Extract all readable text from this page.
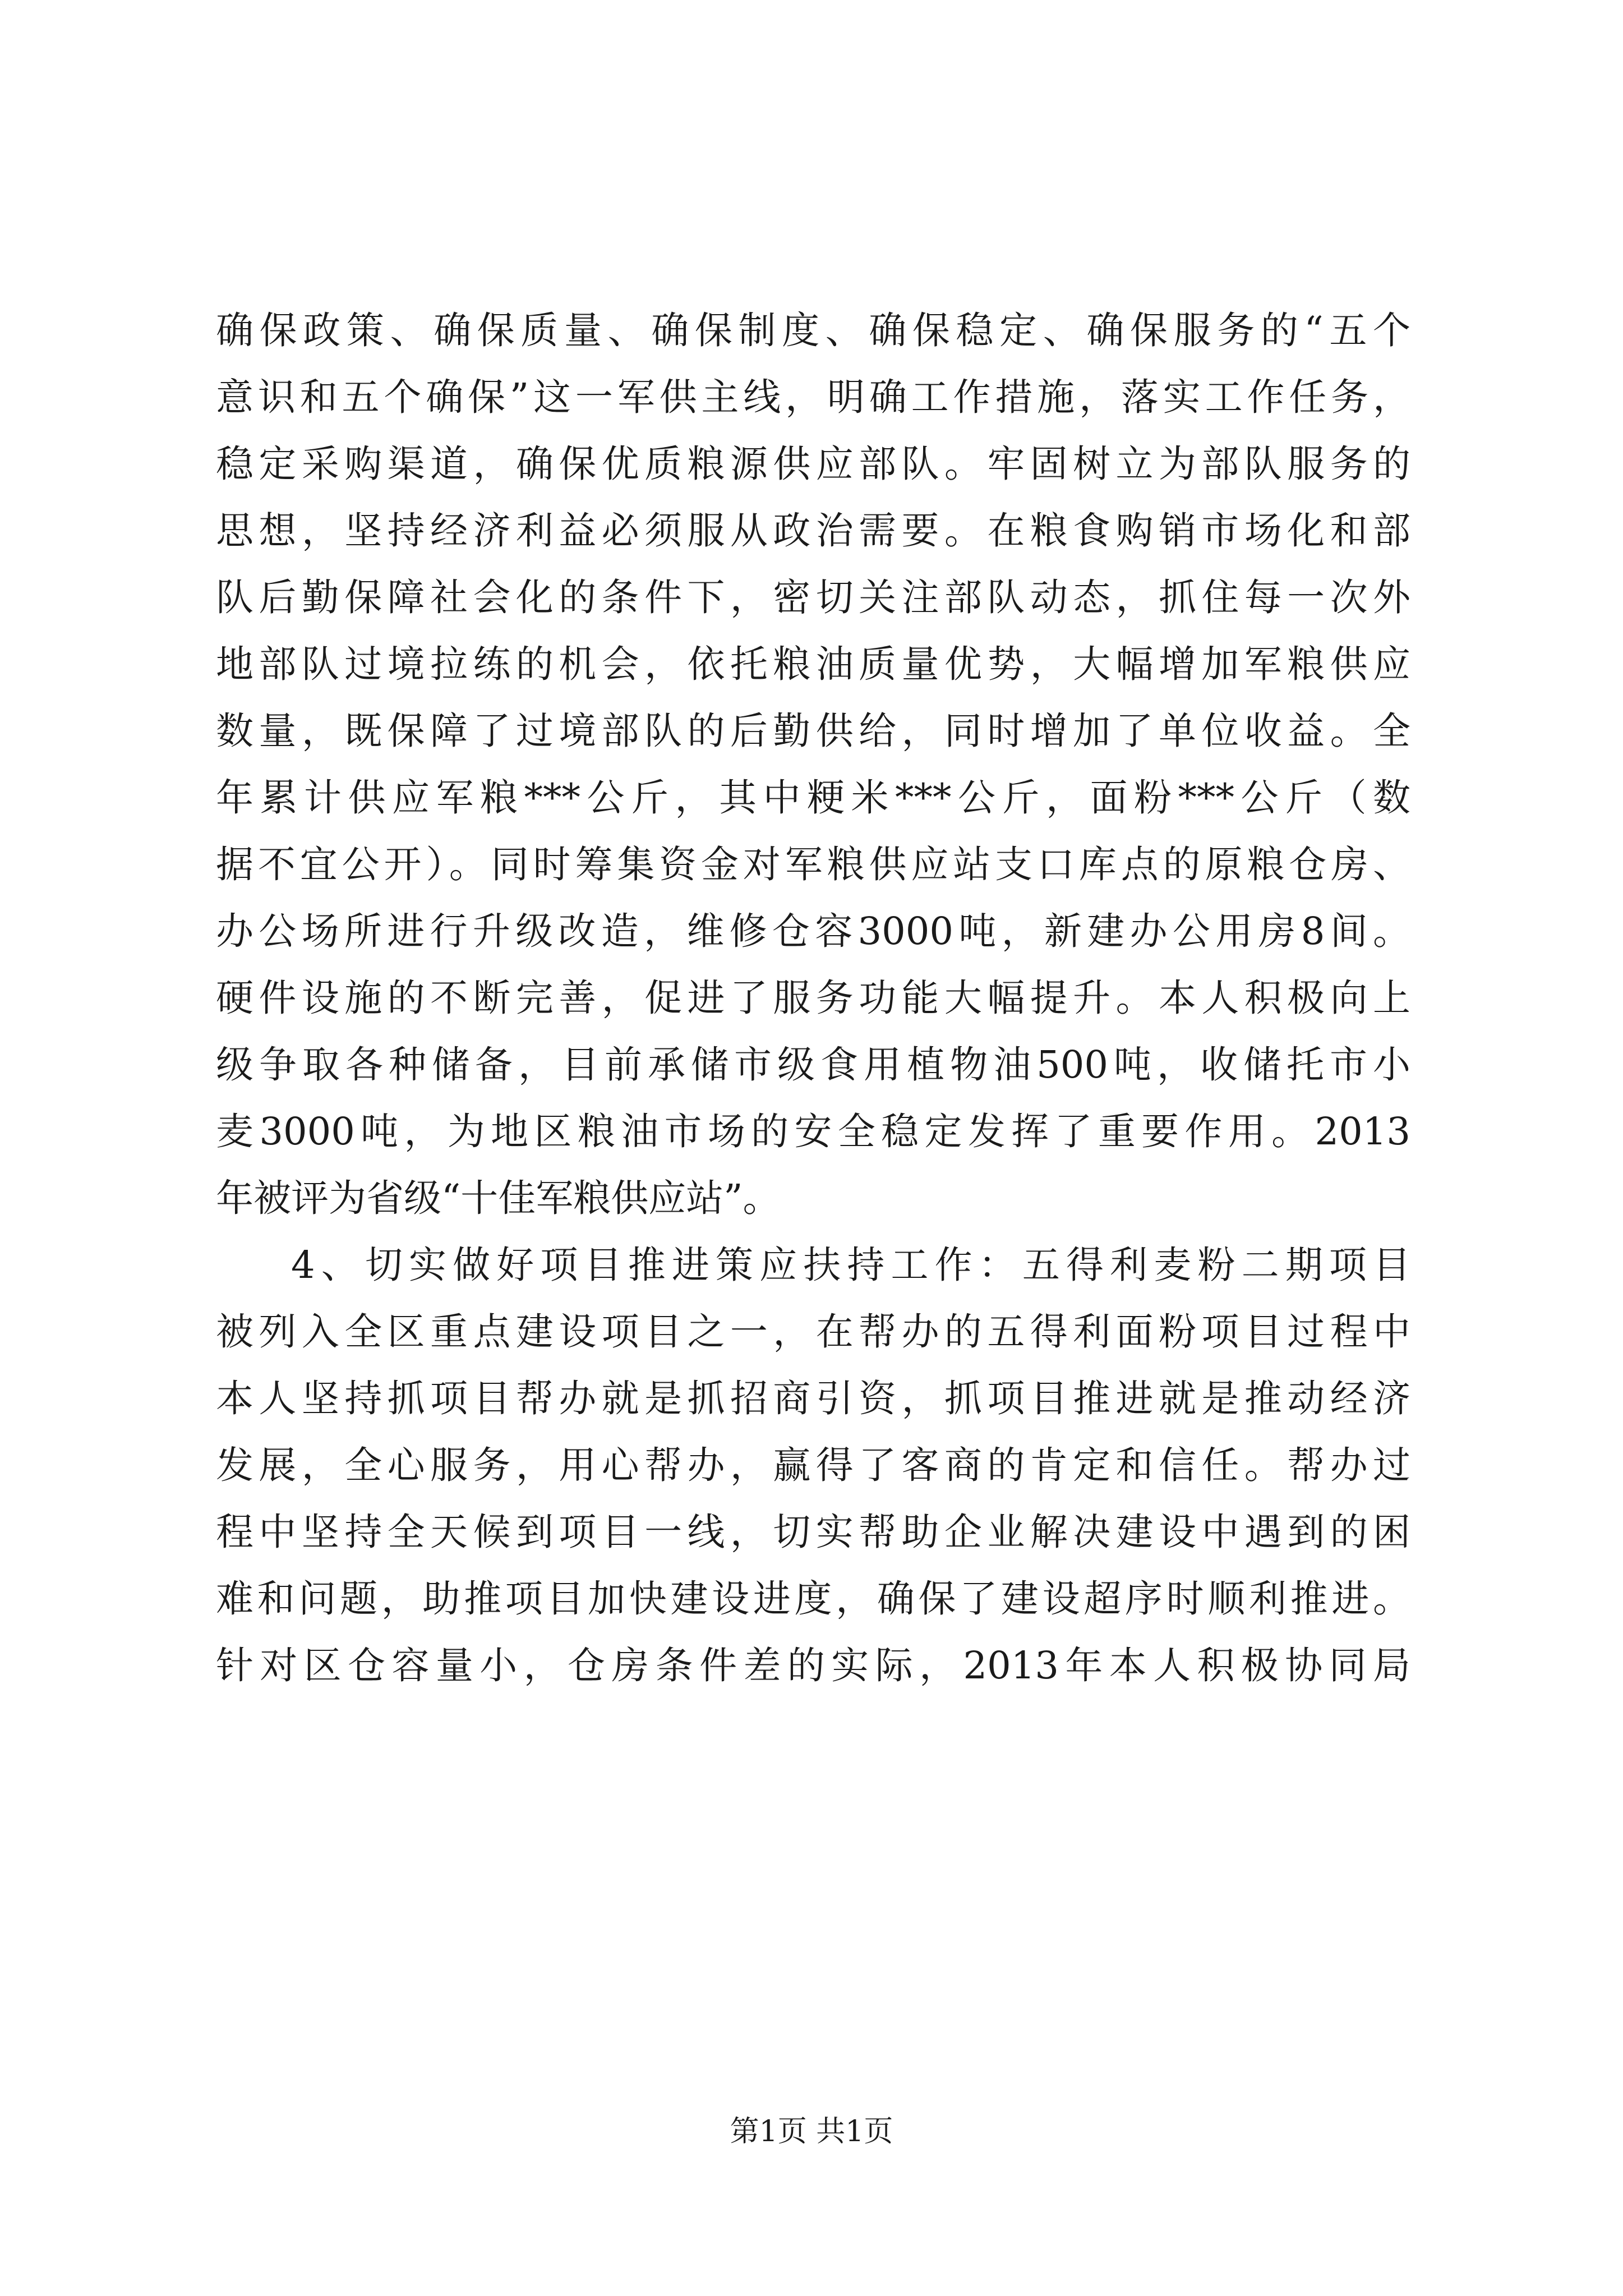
确保政策、确保质量、确保制度、确保稳定、确保服务的“五个
意识和五个确保”这一军供主线，明确工作措施，落实工作任务，
稳定采购渠道，确保优质粮源供应部队。牢固树立为部队服务的
思想，坚持经济利益必须服从政治需要。在粮食购销市场化和部
队后勤保障社会化的条件下，密切关注部队动态，抓住每一次外
地部队过境拉练的机会，依托粮油质量优势，大幅增加军粮供应
数量，既保障了过境部队的后勤供给，同时增加了单位收益。全
年累计供应军粮***公斤，其中粳米***公斤，面粉***公斤（数
据不宜公开）。同时筹集资金对军粮供应站支口库点的原粮仓房、
办公场所进行升级改造，维修仓容3000吨，新建办公用房8间。
硬件设施的不断完善，促进了服务功能大幅提升。本人积极向上
级争取各种储备，目前承储市级食用植物油500吨，收储托市小
麦3000吨，为地区粮油市场的安全稳定发挥了重要作用。2013
年被评为省级“十佳军粮供应站”。
4、切实做好项目推进策应扶持工作：五得利麦粉二期项目
被列入全区重点建设项目之一，在帮办的五得利面粉项目过程中
本人坚持抓项目帮办就是抓招商引资，抓项目推进就是推动经济
发展，全心服务，用心帮办，赢得了客商的肯定和信任。帮办过
程中坚持全天候到项目一线，切实帮助企业解决建设中遇到的困
难和问题，助推项目加快建设进度，确保了建设超序时顺利推进。
针对区仓容量小，仓房条件差的实际，2013年本人积极协同局
第1页 共1页
